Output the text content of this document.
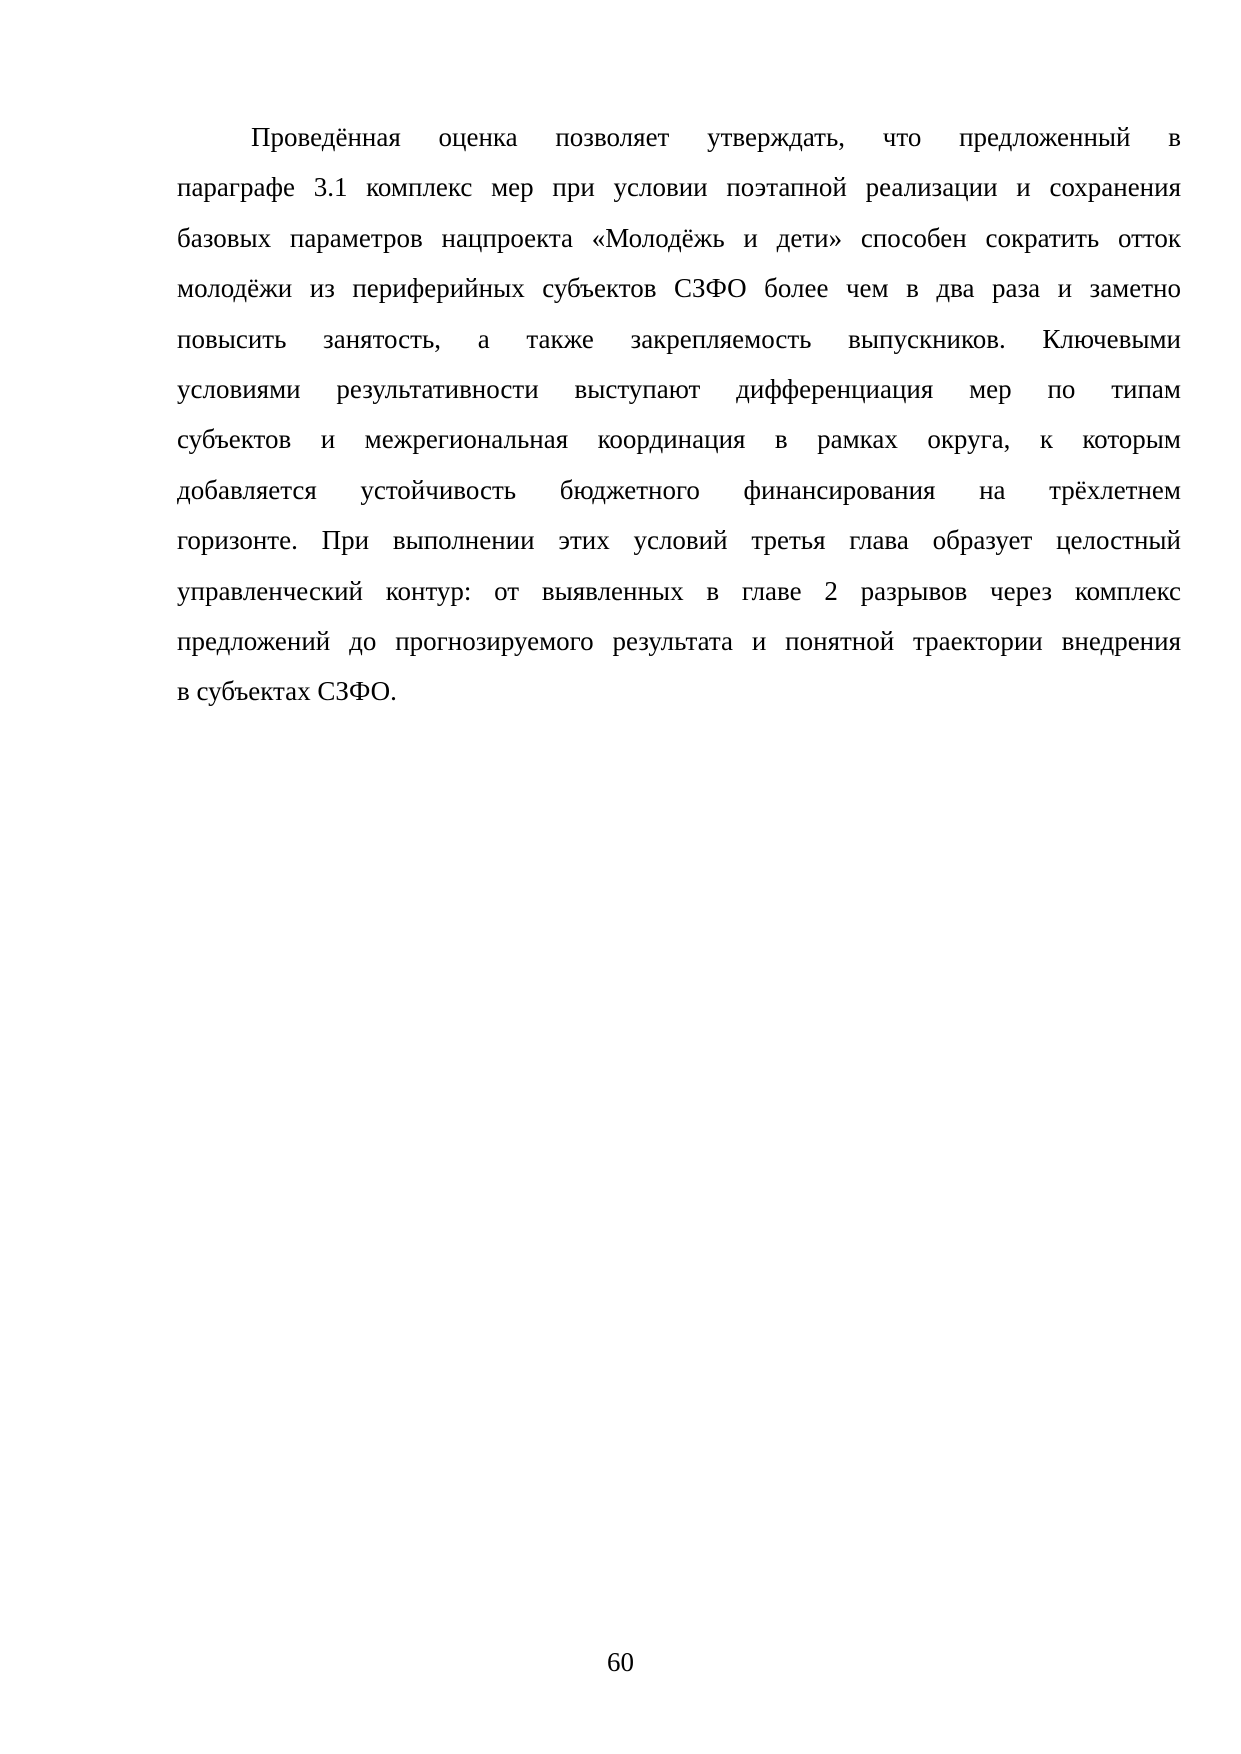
Проведённая оценка позволяет утверждать, что предложенный в
параграфе 3.1 комплекс мер при условии поэтапной реализации и сохранения
базовых параметров нацпроекта «Молодёжь и дети» способен сократить отток
молодёжи из периферийных субъектов СЗФО более чем в два раза и заметно
повысить занятость, а также закрепляемость выпускников. Ключевыми
условиями результативности выступают дифференциация мер по типам
субъектов и межрегиональная координация в рамках округа, к которым
добавляется устойчивость бюджетного финансирования на трёхлетнем
горизонте. При выполнении этих условий третья глава образует целостный
управленческий контур: от выявленных в главе 2 разрывов через комплекс
предложений до прогнозируемого результата и понятной траектории внедрения
в субъектах СЗФО.
60
